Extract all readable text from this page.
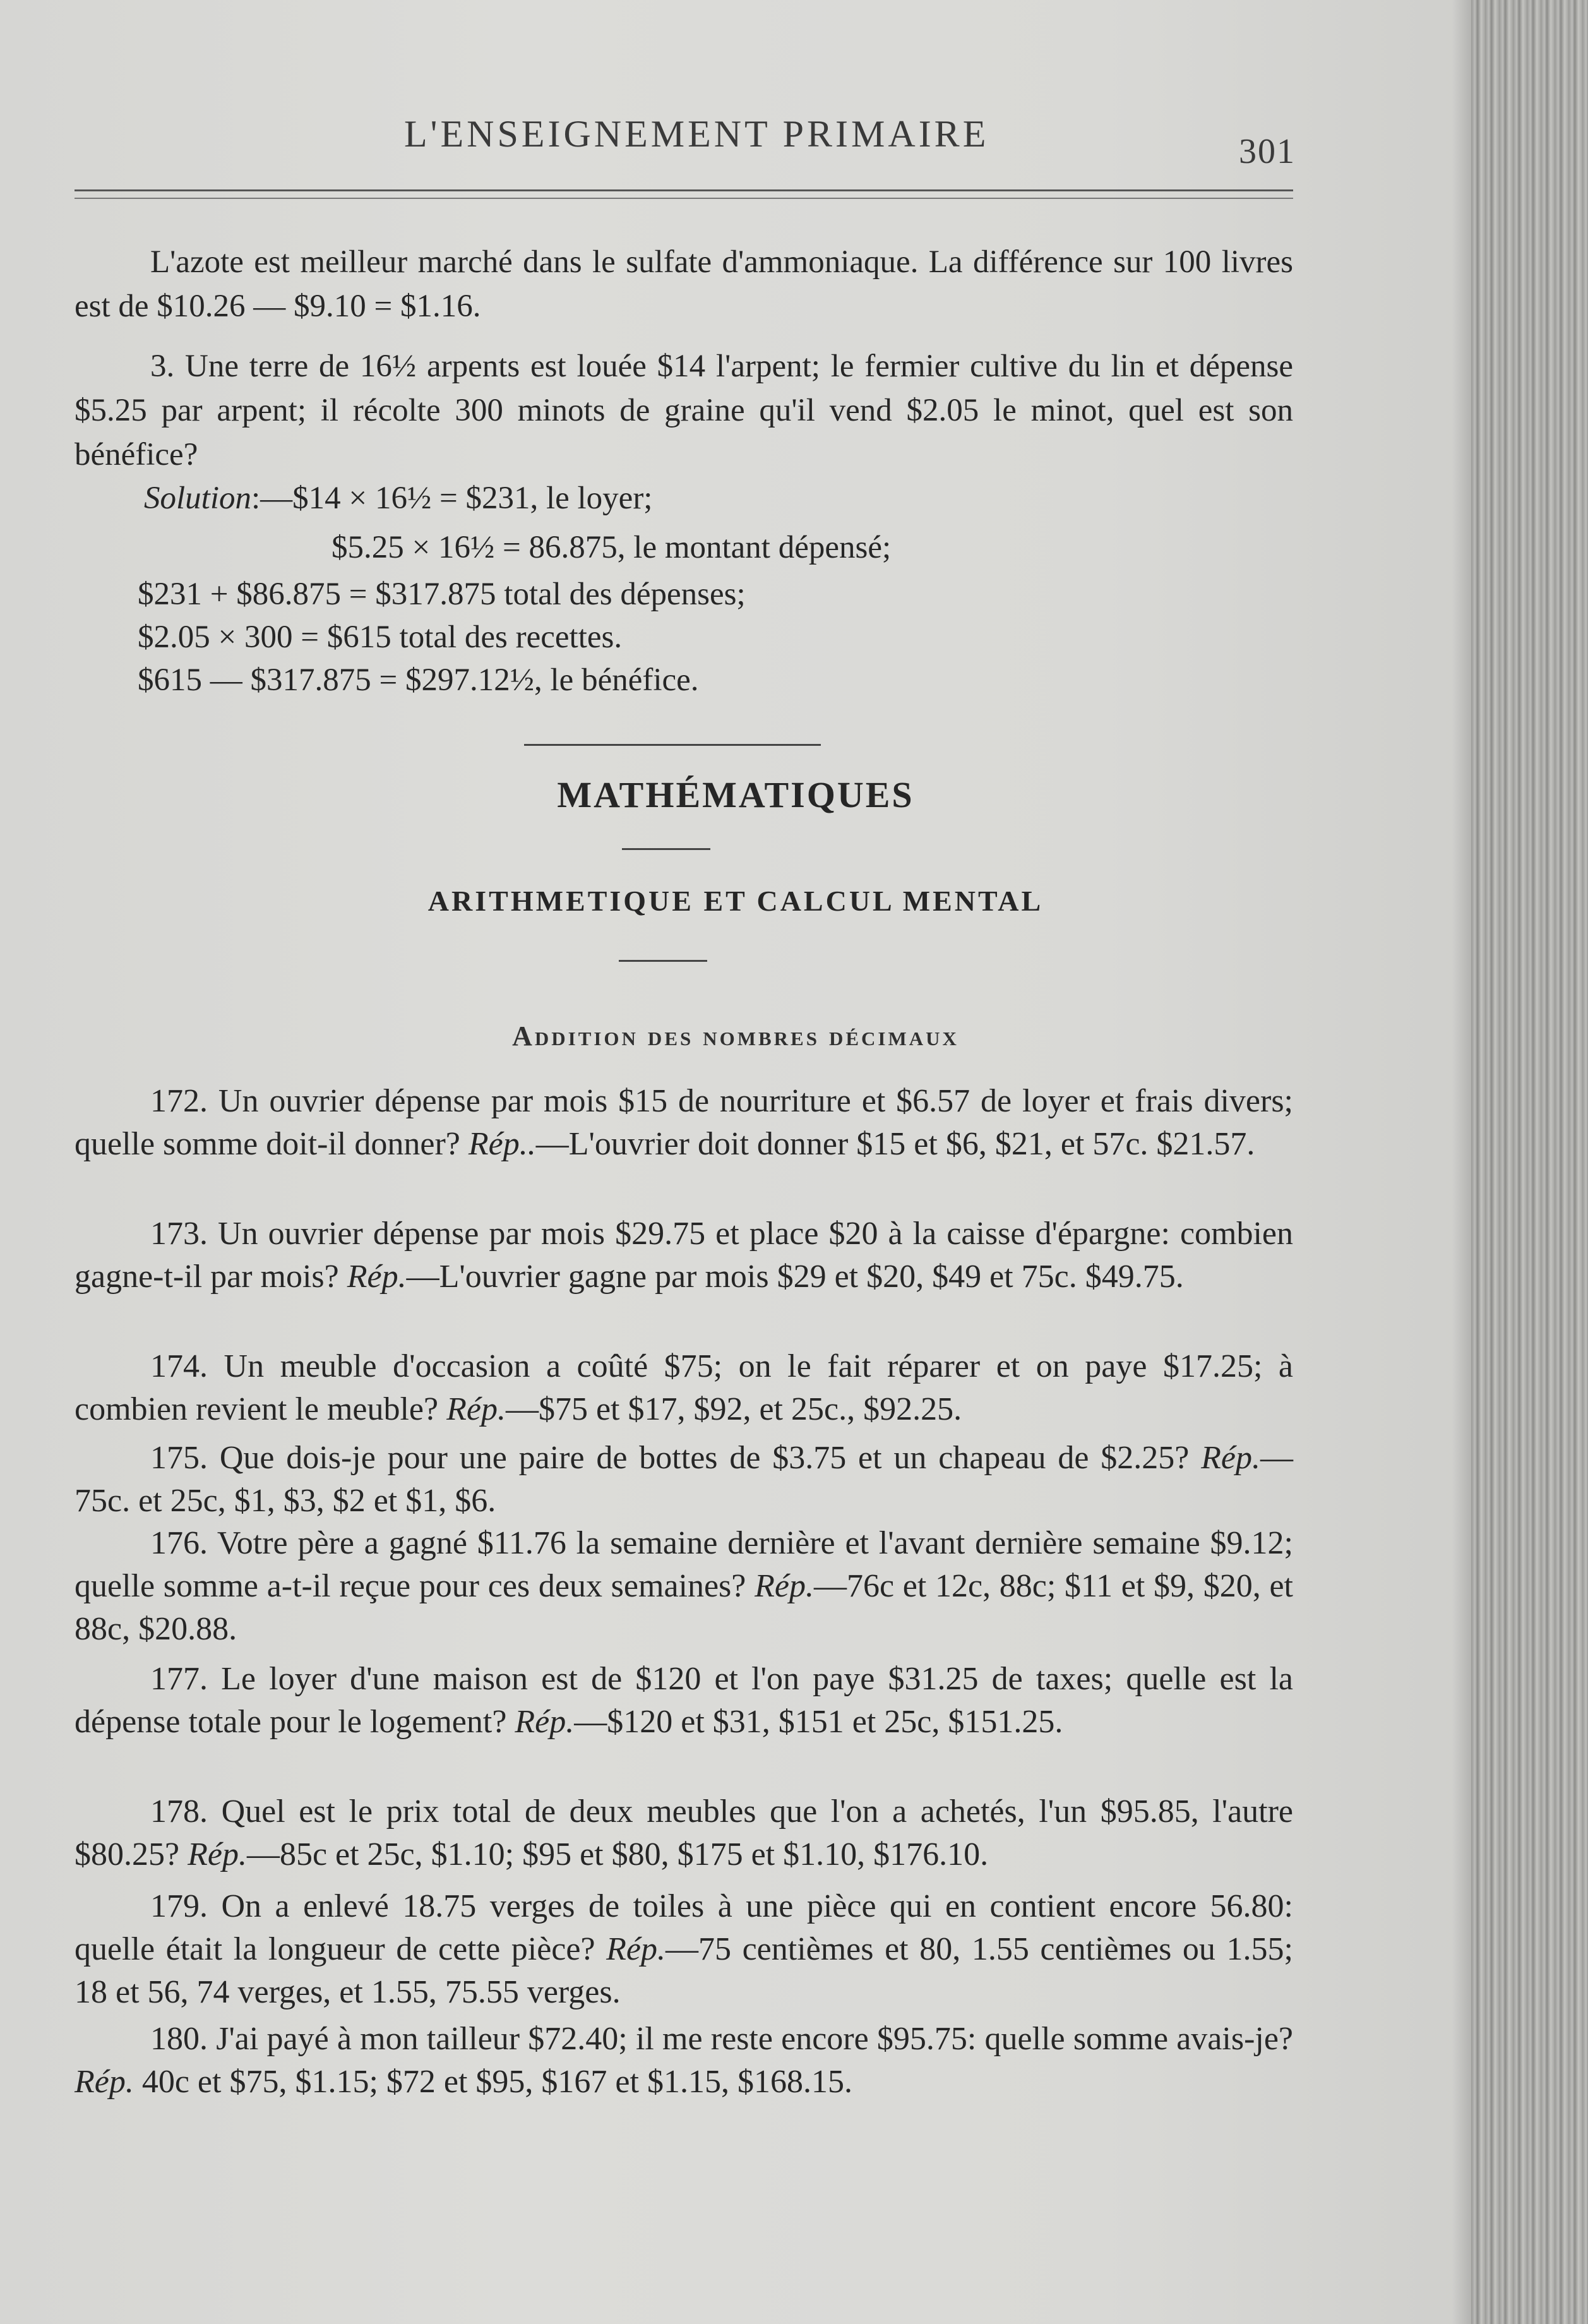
L'ENSEIGNEMENT PRIMAIRE	301

L'azote est meilleur marché dans le sulfate d'ammoniaque. La différence sur 100 livres est de $10.26 — $9.10 = $1.16.

3. Une terre de 16½ arpents est louée $14 l'arpent; le fermier cultive du lin et dépense $5.25 par arpent; il récolte 300 minots de graine qu'il vend $2.05 le minot, quel est son bénéfice?

Solution:—$14 × 16½ = $231, le loyer;

$5.25 × 16½ = 86.875, le montant dépensé;

$231 + $86.875 = $317.875 total des dépenses;

$2.05 × 300 = $615 total des recettes.

$615 — $317.875 = $297.12½, le bénéfice.

MATHÉMATIQUES
ARITHMETIQUE ET CALCUL MENTAL
Addition des nombres décimaux

172. Un ouvrier dépense par mois $15 de nourriture et $6.57 de loyer et frais divers; quelle somme doit-il donner? Rép..—L'ouvrier doit donner $15 et $6, $21, et 57c. $21.57.

173. Un ouvrier dépense par mois $29.75 et place $20 à la caisse d'épargne: combien gagne-t-il par mois? Rép.—L'ouvrier gagne par mois $29 et $20, $49 et 75c. $49.75.

174. Un meuble d'occasion a coûté $75; on le fait réparer et on paye $17.25; à combien revient le meuble? Rép.—$75 et $17, $92, et 25c., $92.25.

175. Que dois-je pour une paire de bottes de $3.75 et un chapeau de $2.25? Rép.—75c. et 25c, $1, $3, $2 et $1, $6.

176. Votre père a gagné $11.76 la semaine dernière et l'avant dernière semaine $9.12; quelle somme a-t-il reçue pour ces deux semaines? Rép.—76c et 12c, 88c; $11 et $9, $20, et 88c, $20.88.

177. Le loyer d'une maison est de $120 et l'on paye $31.25 de taxes; quelle est la dépense totale pour le logement? Rép.—$120 et $31, $151 et 25c, $151.25.

178. Quel est le prix total de deux meubles que l'on a achetés, l'un $95.85, l'autre $80.25? Rép.—85c et 25c, $1.10; $95 et $80, $175 et $1.10, $176.10.

179. On a enlevé 18.75 verges de toiles à une pièce qui en contient encore 56.80: quelle était la longueur de cette pièce? Rép.—75 centièmes et 80, 1.55 centièmes ou 1.55; 18 et 56, 74 verges, et 1.55, 75.55 verges.

180. J'ai payé à mon tailleur $72.40; il me reste encore $95.75: quelle somme avais-je? Rép. 40c et $75, $1.15; $72 et $95, $167 et $1.15, $168.15.
